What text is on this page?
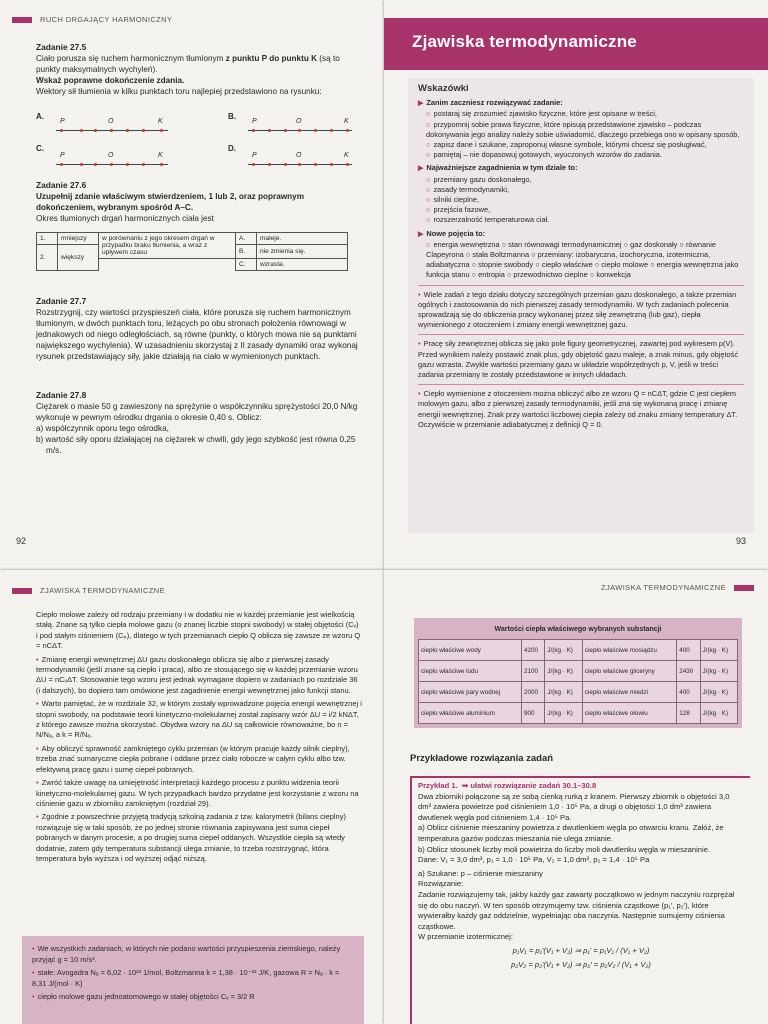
RUCH DRGAJĄCY HARMONICZNY

Zadanie 27.5

Ciało porusza się ruchem harmonicznym tłumionym z punktu P do punktu K (są to punkty maksymalnych wychyleń).

Wskaż poprawne dokończenie zdania.

Wektory sił tłumienia w kilku punktach toru najlepiej przedstawiono na rysunku:

A.
P	O	K
B.
P	O	K
C.
P	O	K
D.
P	O	K

Zadanie 27.6

Uzupełnij zdanie właściwym stwierdzeniem, 1 lub 2, oraz poprawnym dokończeniem, wybranym spośród A–C.

Okres tłumionych drgań harmonicznych ciała jest

1.	mniejszy	w porównaniu z jego okresem drgań w przypadku braku tłumienia, a wraz z upływem czasu	A.	maleje.
2.	większy		B.	nie zmienia się.
			C.	wzrasta.

Zadanie 27.7

Rozstrzygnij, czy wartości przyspieszeń ciała, które porusza się ruchem harmonicznym tłumionym, w dwóch punktach toru, leżących po obu stronach położenia równowagi w jednakowych od niego odległościach, są równe (punkty, o których mowa nie są punktami największego wychylenia). W uzasadnieniu skorzystaj z II zasady dynamiki oraz wykonaj rysunek przedstawiający siły, jakie działają na ciało w wymienionych punktach.

Zadanie 27.8

Ciężarek o masie 50 g zawieszony na sprężynie o współczynniku sprężystości 20,0 N/kg wykonuje w pewnym ośrodku drgania o okresie 0,40 s. Oblicz:

a) współczynnik oporu tego ośrodka,

b) wartość siły oporu działającej na ciężarek w chwili, gdy jego szybkość jest równa 0,25 m/s.

92
Zjawiska termodynamiczne
Wskazówki
▶ Zanim zaczniesz rozwiązywać zadanie:
○ postaraj się zrozumieć zjawisko fizyczne, które jest opisane w treści,
○ przypomnij sobie prawa fizyczne, które opisują przedstawione zjawisko – podczas dokonywania jego analizy należy sobie uświadomić, dlaczego przebiega ono w opisany sposób,
○ zapisz dane i szukane, zaproponuj własne symbole, którymi chcesz się posługiwać,
○ pamiętaj – nie dopasowuj gotowych, wyuczonych wzorów do zadania.
▶ Najważniejsze zagadnienia w tym dziale to:
○ przemiany gazu doskonałego,
○ zasady termodynamiki,
○ silniki cieplne,
○ przejścia fazowe,
○ rozszerzalność temperaturowa ciał.
▶ Nowe pojęcia to:
○ energia wewnętrzna ○ stan równowagi termodynamicznej ○ gaz doskonały ○ równanie Clapeyrona ○ stała Boltzmanna ○ przemiany: izobaryczna, izochoryczna, izotermiczna, adiabatyczna ○ stopnie swobody ○ ciepło właściwe ○ ciepło molowe ○ energia wewnętrzna jako funkcja stanu ○ entropia ○ przewodnictwo cieplne ○ konwekcja

• Wiele zadań z tego działu dotyczy szczególnych przemian gazu doskonałego, a także przemian ogólnych i zastosowania do nich pierwszej zasady termodynamiki. W tych zadaniach polecenia sprowadzają się do obliczenia pracy wykonanej przez siłę zewnętrzną (lub gaz), ciepła wymienionego z otoczeniem i zmiany energii wewnętrznej gazu.

• Pracę siły zewnętrznej oblicza się jako pole figury geometrycznej, zawartej pod wykresem p(V). Przed wynikiem należy postawić znak plus, gdy objętość gazu maleje, a znak minus, gdy objętość gazu wzrasta. Zwykle wartości przemiany gazu w układzie współrzędnych p, V, jeśli w treści zadania przemiany te zostały przedstawione w innych układach.

• Ciepło wymienione z otoczeniem można obliczyć albo ze wzoru Q = nCΔT, gdzie C jest ciepłem molowym gazu, albo z pierwszej zasady termodynamiki, jeśli zna się wykonaną pracę i zmianę energii wewnętrznej. Znak przy wartości liczbowej ciepła zależy od znaku zmiany temperatury ΔT. Oczywiście w przemianie adiabatycznej z definicji Q = 0.

93
ZJAWISKA TERMODYNAMICZNE

Ciepło molowe zależy od rodzaju przemiany i w dodatku nie w każdej przemianie jest wielkością stałą. Znane są tylko ciepła molowe gazu (o znanej liczbie stopni swobody) w stałej objętości (Cᵥ) i pod stałym ciśnieniem (Cₚ), dlatego w tych przemianach ciepło Q oblicza się zawsze ze wzoru Q = nCΔT.

• Zmianę energii wewnętrznej ΔU gazu doskonałego oblicza się albo z pierwszej zasady termodynamiki (jeśli znane są ciepło i praca), albo ze stosującego się w każdej przemianie wzoru ΔU = nCᵥΔT. Stosowanie tego wzoru jest jednak wymagane dopiero w zadaniach po rozdziale 36 (i dalszych), bo dopiero tam omówione jest zagadnienie energii wewnętrznej jako funkcji stanu.

• Warto pamiętać, że w rozdziale 32, w którym zostały wprowadzone pojęcia energii wewnętrznej i stopni swobody, na podstawie teorii kinetyczno-molekularnej został zapisany wzór ΔU = i/2 kNΔT, z którego zawsze można skorzystać. Obydwa wzory na ΔU są całkowicie równoważne, bo n = N/Nₐ, a k = R/Nₐ.

• Aby obliczyć sprawność zamkniętego cyklu przemian (w którym pracuje każdy silnik cieplny), trzeba znać sumaryczne ciepła pobrane i oddane przez ciało robocze w całym cyklu albo tzw. efektywną pracę gazu i sumę ciepeł pobranych.

• Zwróć także uwagę na umiejętność interpretacji każdego procesu z punktu widzenia teorii kinetyczno-molekularnej gazu. W tych przypadkach bardzo przydatne jest korzystanie z wzoru na ciśnienie gazu w zbiorniku zamkniętym (rozdział 29).

• Zgodnie z powszechnie przyjętą tradycją szkolną zadania z tzw. kalorymetrii (bilans cieplny) rozwiązuje się w taki sposób, że po jednej stronie równania zapisywana jest suma ciepeł pobranych w danym procesie, a po drugiej suma ciepeł oddanych. Wszystkie ciepła są wtedy dodatnie, zatem gdy temperatura substancji ulega zmianie, to trzeba rozstrzygnąć, która temperatura była wyższa i od wyższej odjąć niższą.

• We wszystkich zadaniach, w których nie podano wartości przyspieszenia ziemskiego, należy przyjąć g = 10 m/s².

• stałe: Avogadra Nₐ = 6,02 · 10²³ 1/mol, Boltzmanna k = 1,38 · 10⁻²³ J/K, gazowa R = Nₐ · k = 8,31 J/(mol · K)

• ciepło molowe gazu jednoatomowego w stałej objętości Cᵥ = 3/2 R

ZJAWISKA TERMODYNAMICZNE
Wartości ciepła właściwego wybranych substancji
ciepło właściwe wody	4200	J/(kg · K)	ciepło właściwe mosiądzu	400	J/(kg · K)
ciepło właściwe lodu	2100	J/(kg · K)	ciepło właściwe gliceryny	2430	J/(kg · K)
ciepło właściwe pary wodnej	2000	J/(kg · K)	ciepło właściwe miedzi	400	J/(kg · K)
ciepło właściwe aluminium	900	J/(kg · K)	ciepło właściwe ołowiu	128	J/(kg · K)
Przykładowe rozwiązania zadań

Przykład 1. ➡ ułatwi rozwiązanie zadań 30.1–30.8

Dwa zbiorniki połączone są ze sobą cienką rurką z kranem. Pierwszy zbiornik o objętości 3,0 dm³ zawiera powietrze pod ciśnieniem 1,0 · 10⁵ Pa, a drugi o objętości 1,0 dm³ zawiera dwutlenek węgla pod ciśnieniem 1,4 · 10⁵ Pa.

a) Oblicz ciśnienie mieszaniny powietrza z dwutlenkiem węgla po otwarciu kranu. Załóż, że temperatura gazów podczas mieszania nie ulega zmianie.

b) Oblicz stosunek liczby moli powietrza do liczby moli dwutlenku węgla w mieszaninie.

Dane: V₁ = 3,0 dm³, p₁ = 1,0 · 10⁵ Pa, V₂ = 1,0 dm³, p₂ = 1,4 · 10⁵ Pa

a) Szukane: p – ciśnienie mieszaniny

Rozwiązanie:

Zadanie rozwiązujemy tak, jakby każdy gaz zawarty początkowo w jednym naczyniu rozprężał się do obu naczyń. W ten sposób otrzymujemy tzw. ciśnienia cząstkowe (p₁′, p₂′), które wywierałby każdy gaz oddzielnie, wypełniając oba naczynia. Następnie sumujemy ciśnienia cząstkowe.

W przemianie izotermicznej:

p₁V₁ = p₁′(V₁ + V₂) ⇒ p₁′ = p₁V₁ / (V₁ + V₂)

p₂V₂ = p₂′(V₁ + V₂) ⇒ p₂′ = p₂V₂ / (V₁ + V₂)
